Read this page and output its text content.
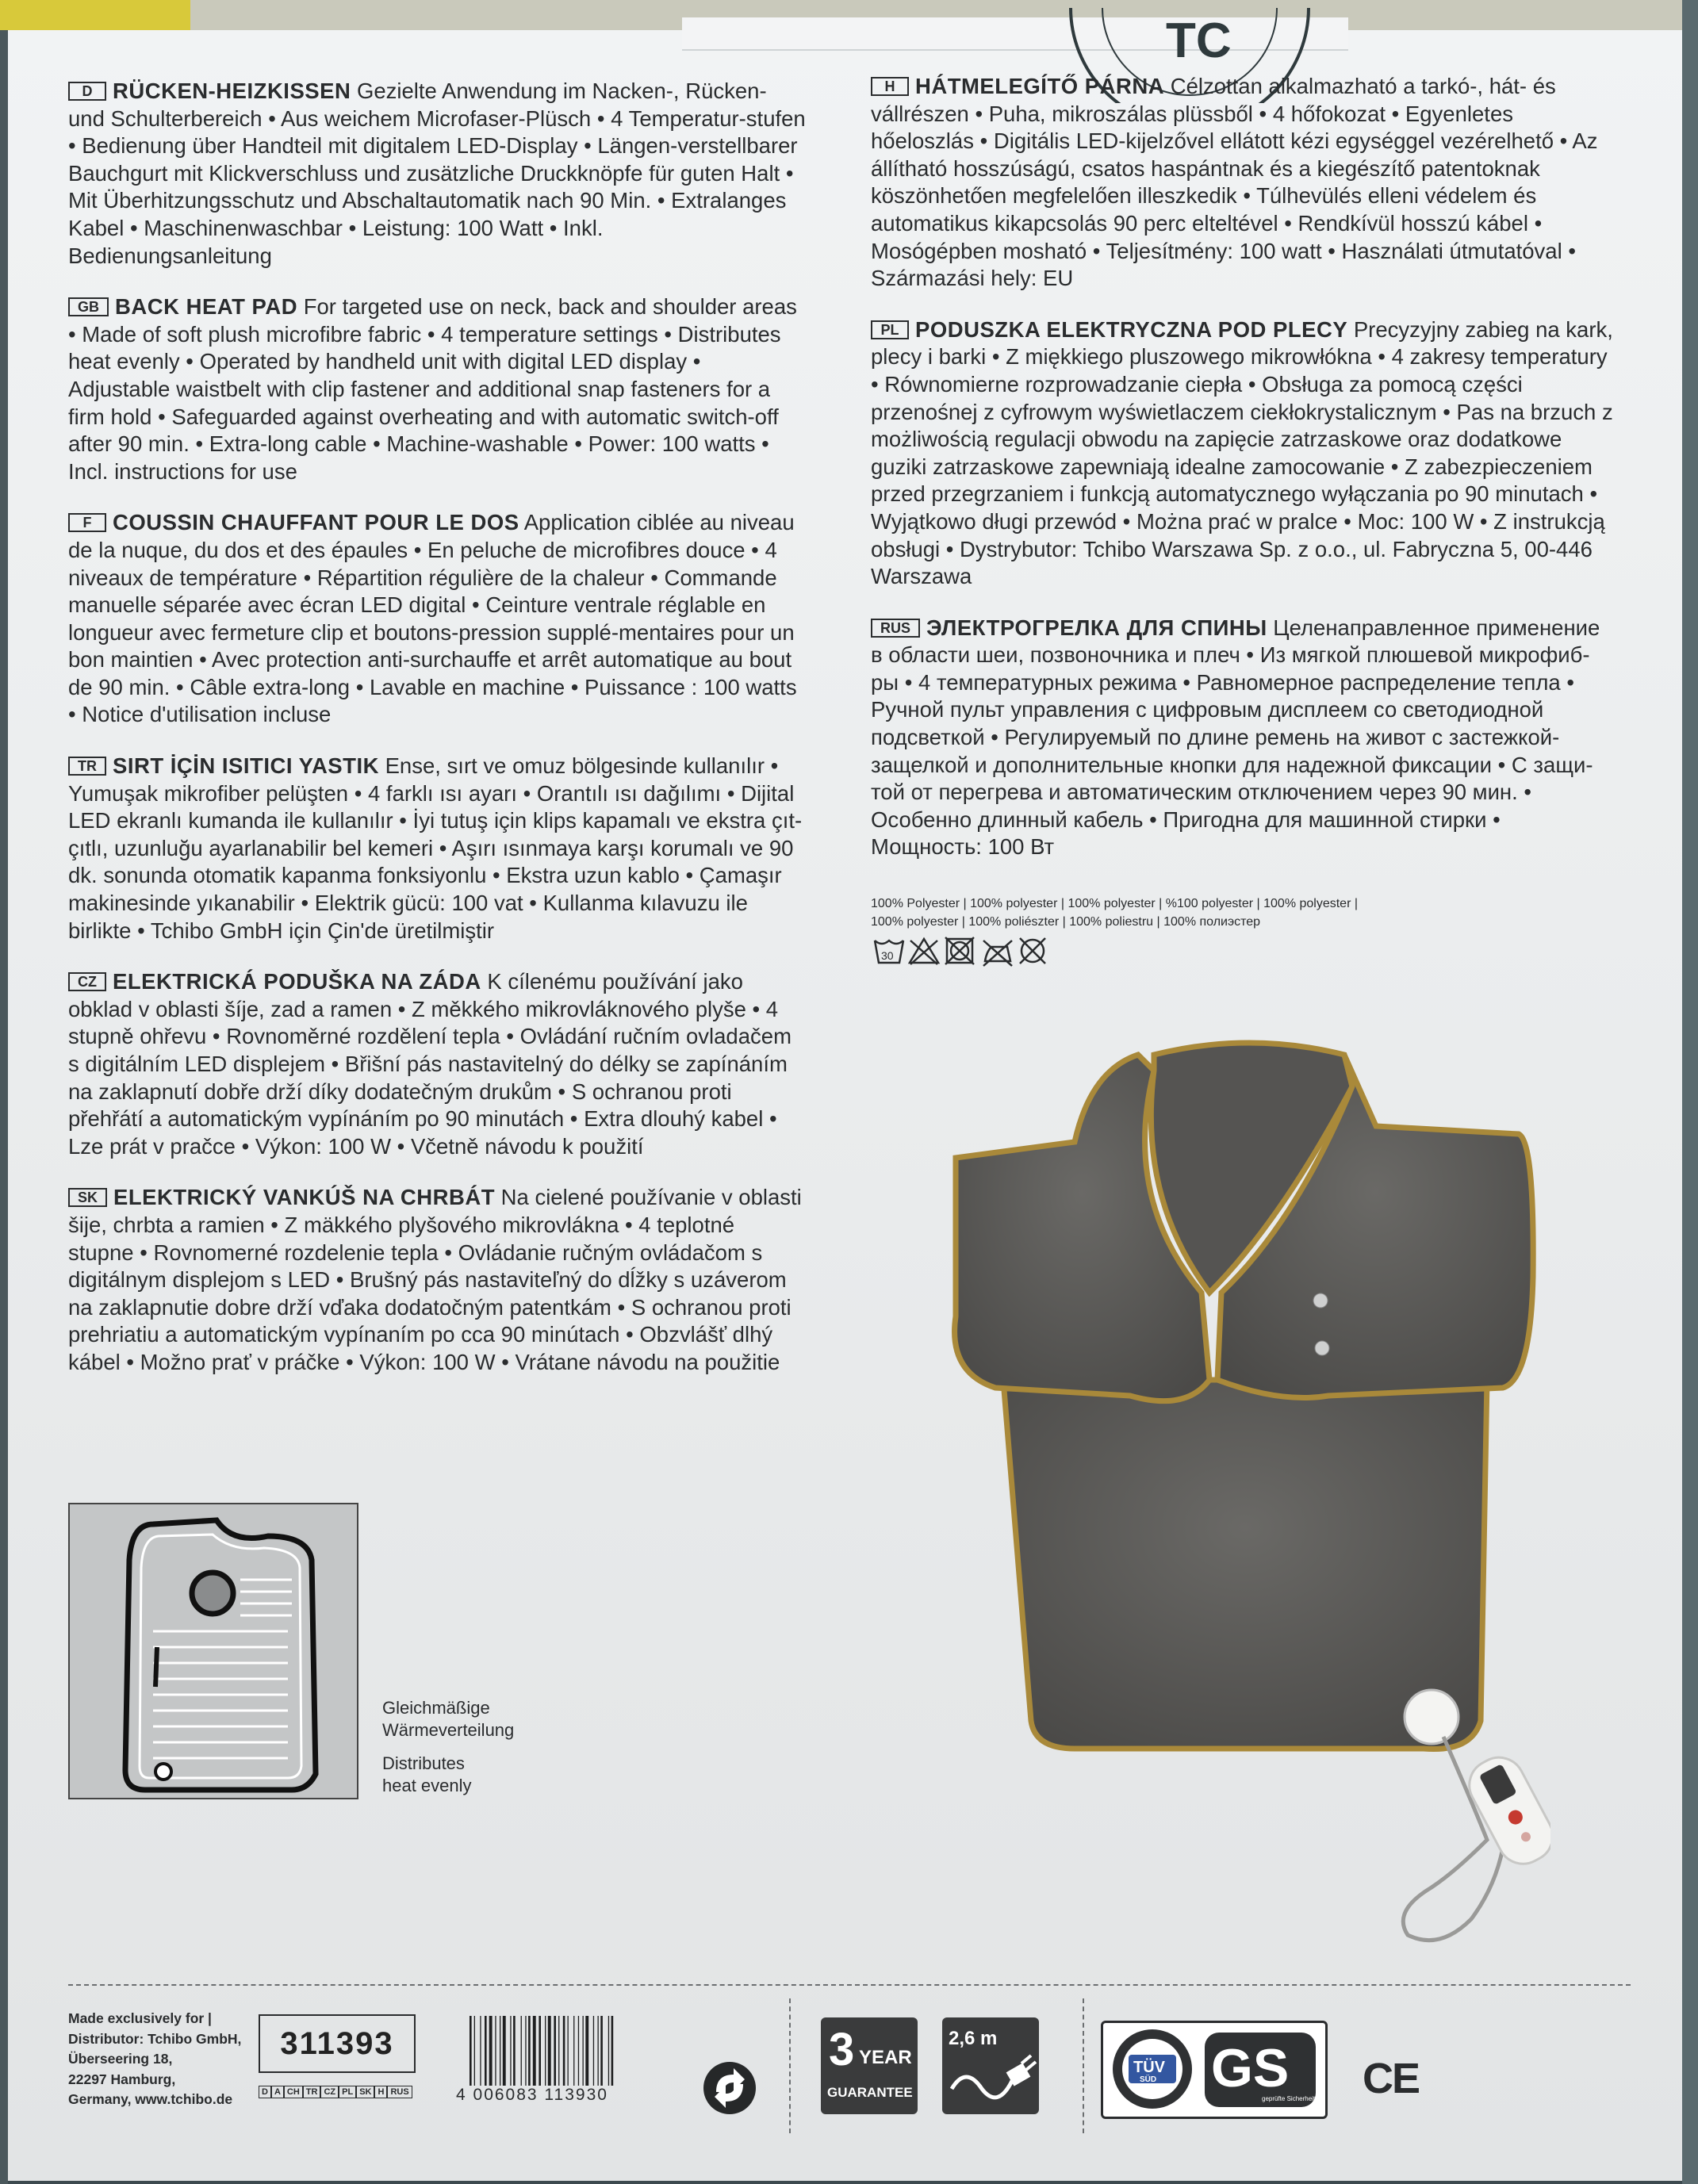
TC

D RÜCKEN-HEIZKISSEN Gezielte Anwendung im Nacken-, Rücken- und Schulterbereich • Aus weichem Microfaser-Plüsch • 4 Temperatur-stufen • Bedienung über Handteil mit digitalem LED-Display • Längen-verstellbarer Bauchgurt mit Klickverschluss und zusätzliche Druckknöpfe für guten Halt • Mit Überhitzungsschutz und Abschaltautomatik nach 90 Min. • Extralanges Kabel • Maschinenwaschbar • Leistung: 100 Watt • Inkl. Bedienungsanleitung

GB BACK HEAT PAD For targeted use on neck, back and shoulder areas • Made of soft plush microfibre fabric • 4 temperature settings • Distributes heat evenly • Operated by handheld unit with digital LED display • Adjustable waistbelt with clip fastener and additional snap fasteners for a firm hold • Safeguarded against overheating and with automatic switch-off after 90 min. • Extra-long cable • Machine-washable • Power: 100 watts • Incl. instructions for use

F COUSSIN CHAUFFANT POUR LE DOS Application ciblée au niveau de la nuque, du dos et des épaules • En peluche de microfibres douce • 4 niveaux de température • Répartition régulière de la chaleur • Commande manuelle séparée avec écran LED digital • Ceinture ventrale réglable en longueur avec fermeture clip et boutons-pression supplé-mentaires pour un bon maintien • Avec protection anti-surchauffe et arrêt automatique au bout de 90 min. • Câble extra-long • Lavable en machine • Puissance : 100 watts • Notice d'utilisation incluse

TR SIRT İÇİN ISITICI YASTIK Ense, sırt ve omuz bölgesinde kullanılır • Yumuşak mikrofiber pelüşten • 4 farklı ısı ayarı • Orantılı ısı dağılımı • Dijital LED ekranlı kumanda ile kullanılır • İyi tutuş için klips kapamalı ve ekstra çıt-çıtlı, uzunluğu ayarlanabilir bel kemeri • Aşırı ısınmaya karşı korumalı ve 90 dk. sonunda otomatik kapanma fonksiyonlu • Ekstra uzun kablo • Çamaşır makinesinde yıkanabilir • Elektrik gücü: 100 vat • Kullanma kılavuzu ile birlikte • Tchibo GmbH için Çin'de üretilmiştir

CZ ELEKTRICKÁ PODUŠKA NA ZÁDA K cílenému používání jako obklad v oblasti šíje, zad a ramen • Z měkkého mikrovláknového plyše • 4 stupně ohřevu • Rovnoměrné rozdělení tepla • Ovládání ručním ovladačem s digitálním LED displejem • Břišní pás nastavitelný do délky se zapínáním na zaklapnutí dobře drží díky dodatečným drukům • S ochranou proti přehřátí a automatickým vypínáním po 90 minutách • Extra dlouhý kabel • Lze prát v pračce • Výkon: 100 W • Včetně návodu k použití

SK ELEKTRICKÝ VANKÚŠ NA CHRBÁT Na cielené používanie v oblasti šije, chrbta a ramien • Z mäkkého plyšového mikrovlákna • 4 teplotné stupne • Rovnomerné rozdelenie tepla • Ovládanie ručným ovládačom s digitálnym displejom s LED • Brušný pás nastaviteľný do dĺžky s uzáverom na zaklapnutie dobre drží vďaka dodatočným patentkám • S ochranou proti prehriatiu a automatickým vypínaním po cca 90 minútach • Obzvlášť dlhý kábel • Možno prať v práčke • Výkon: 100 W • Vrátane návodu na použitie

H HÁTMELEGÍTŐ PÁRNA Célzottan alkalmazható a tarkó-, hát- és vállrészen • Puha, mikroszálas plüssből • 4 hőfokozat • Egyenletes hőeloszlás • Digitális LED-kijelzővel ellátott kézi egységgel vezérelhető • Az állítható hosszúságú, csatos haspántnak és a kiegészítő patentoknak köszönhetően megfelelően illeszkedik • Túlhevülés elleni védelem és automatikus kikapcsolás 90 perc elteltével • Rendkívül hosszú kábel • Mosógépben mosható • Teljesítmény: 100 watt • Használati útmutatóval • Származási hely: EU

PL PODUSZKA ELEKTRYCZNA POD PLECY Precyzyjny zabieg na kark, plecy i barki • Z miękkiego pluszowego mikrowłókna • 4 zakresy temperatury • Równomierne rozprowadzanie ciepła • Obsługa za pomocą części przenośnej z cyfrowym wyświetlaczem ciekłokrystalicznym • Pas na brzuch z możliwością regulacji obwodu na zapięcie zatrzaskowe oraz dodatkowe guziki zatrzaskowe zapewniają idealne zamocowanie • Z zabezpieczeniem przed przegrzaniem i funkcją automatycznego wyłączania po 90 minutach • Wyjątkowo długi przewód • Można prać w pralce • Moc: 100 W • Z instrukcją obsługi • Dystrybutor: Tchibo Warszawa Sp. z o.o., ul. Fabryczna 5, 00-446 Warszawa

RUS ЭЛЕКТРОГРЕЛКА ДЛЯ СПИНЫ Целенаправленное применение в области шеи, позвоночника и плеч • Из мягкой плюшевой микрофиб-ры • 4 температурных режима • Равномерное распределение тепла • Ручной пульт управления с цифровым дисплеем со светодиодной подсветкой • Регулируемый по длине ремень на живот с застежкой-защелкой и дополнительные кнопки для надежной фиксации • С защи-той от перегрева и автоматическим отключением через 90 мин. • Особенно длинный кабель • Пригодна для машинной стирки • Мощность: 100 Вт

100% Polyester | 100% polyester | 100% polyester | %100 polyester | 100% polyester |
100% polyester | 100% poliészter | 100% poliestru | 100% полиэстер
30
Gleichmäßige
Wärmeverteilung
Distributes
heat evenly
Made exclusively for |
Distributor: Tchibo GmbH,
Überseering 18,
22297 Hamburg,
Germany, www.tchibo.de
311393
D A CH TR CZ PL SK H RUS	4 006083 113930
3 YEAR
GUARANTEE
2,6 m
TÜV
SÜD GS
geprüfte Sicherheit CE
